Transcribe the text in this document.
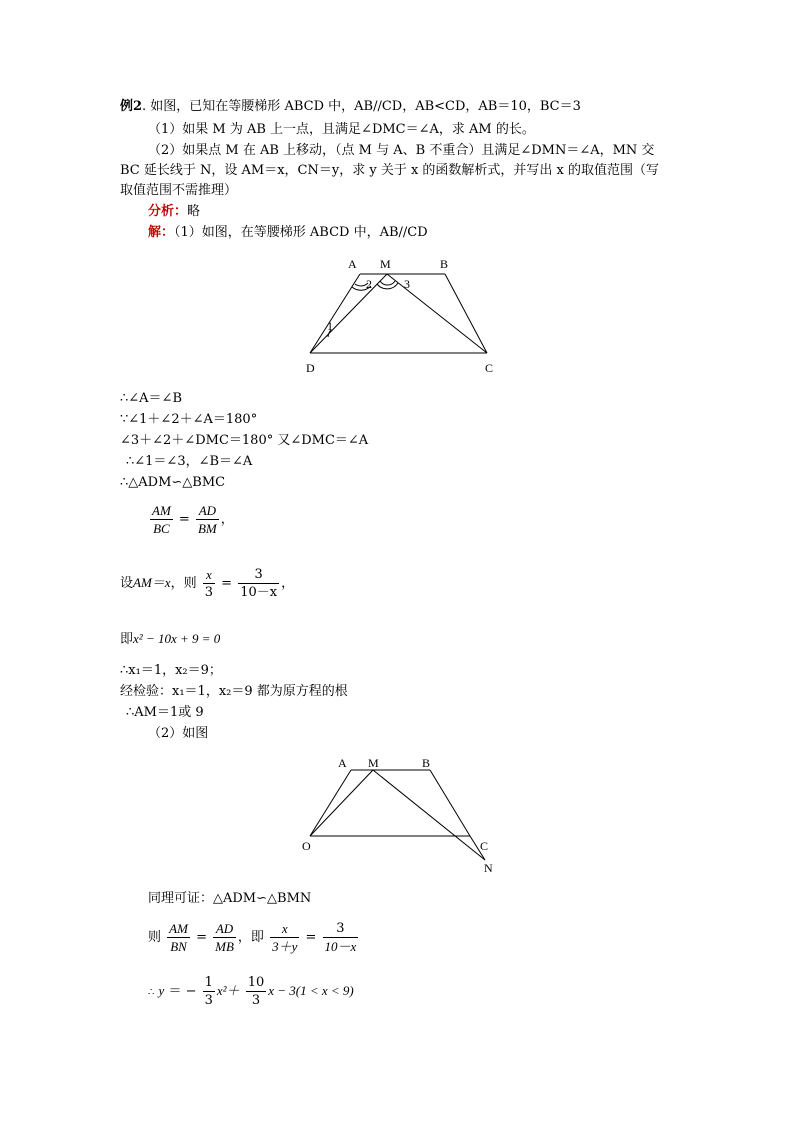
例2. 如图，已知在等腰梯形 ABCD 中，AB//CD，AB<CD，AB＝10，BC＝3
（1）如果 M 为 AB 上一点，且满足∠DMC＝∠A，求 AM 的长。
（2）如果点 M 在 AB 上移动，（点 M 与 A、B 不重合）且满足∠DMN＝∠A，MN 交
BC 延长线于 N，设 AM＝x，CN＝y，求 y 关于 x 的函数解析式，并写出 x 的取值范围（写
取值范围不需推理）
分析：略
解：（1）如图，在等腰梯形 ABCD 中，AB//CD
A M	B
D	C
1
2	3
∴∠A＝∠B
∵∠1＋∠2＋∠A＝180°
∠3＋∠2＋∠DMC＝180° 又∠DMC＝∠A
∴∠1＝∠3，∠B＝∠A
∴△ADM∽△BMC
$\frac{AM}{BC} = \frac{AD}{BM}$ ，
设AM＝x，则 $\frac{x}{3} = \frac{3}{10-x}$ ，
即x² − 10x + 9 = 0
∴x₁＝1，x₂＝9；
经检验：x₁＝1，x₂＝9 都为原方程的根
∴AM＝1或 9
（2）如图
A M	B
O	C
N
同理可证：△ADM∽△BMN
则 $\frac{AM}{BN} = \frac{AD}{MB}$ ，即 $\frac{x}{3+y} = \frac{3}{10-x}$
∴ y ＝ − $\frac{1}{3} x^2+ \frac{10}{3}$ x − 3(1 < x < 9)
